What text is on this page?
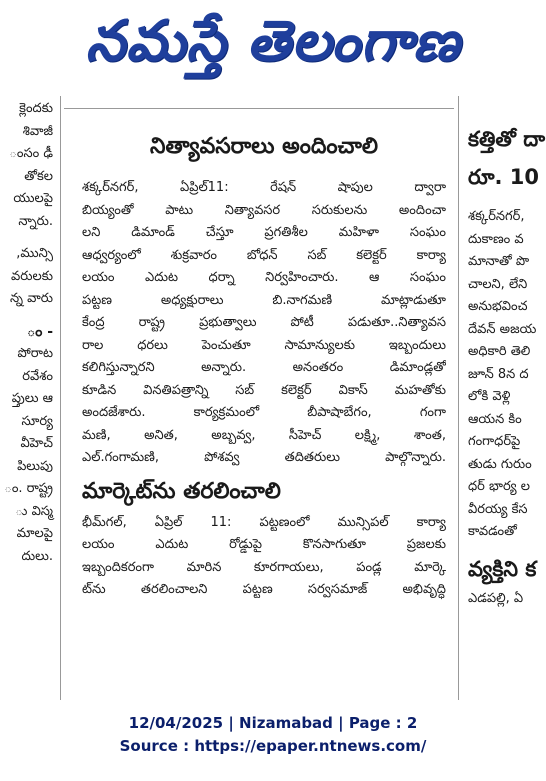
నమస్తే తెలంగాణ

క్లెందకు

శివాజీ

ంసం ఢీ

తోకల

యులపై

న్నారు.

,మున్సి

వరులకు

న్న వారు

ం -

పోరాట

రవేశం

ప్తులు ఆ

సూర్య

వీహెచ్

పిలుపు

ం. రాష్ట్ర

ు విస్మ

మాలపై

దులు.

నిత్యావసరాలు అందించాలి

శక్కర్‌నగర్, ఏప్రిల్11: రేషన్ షాపుల ద్వారా

బియ్యంతో పాటు నిత్యావసర సరుకులను అందించా

లని డిమాండ్ చేస్తూ ప్రగతిశీల మహిళా సంఘం

ఆధ్వర్యంలో శుక్రవారం బోధన్ సబ్ కలెక్టర్ కార్యా

లయం ఎదుట ధర్నా నిర్వహించారు. ఆ సంఘం

పట్టణ అధ్యక్షురాలు బి.నాగమణి మాట్లాడుతూ

కేంద్ర రాష్ట్ర ప్రభుత్వాలు పోటీ పడుతూ..నిత్యావస

రాల ధరలు పెంచుతూ సామాన్యులకు ఇబ్బందులు

కలిగిస్తున్నారని అన్నారు. అనంతరం డిమాండ్లతో

కూడిన వినతిపత్రాన్ని సబ్ కలెక్టర్ వికాస్ మహతోకు

అందజేశారు. కార్యక్రమంలో బీపాషాబేగం, గంగా

మణి, అనిత, అబ్బవ్వ, సీహెచ్ లక్ష్మి, శాంత,

ఎల్.గంగామణి, పోశవ్వ తదితరులు పాల్గొన్నారు.

మార్కెట్‌ను తరలించాలి

భీమ్‌గల్, ఏప్రిల్ 11: పట్టణంలో మున్సిపల్ కార్యా

లయం ఎదుట రోడ్డుపై కొనసాగుతూ ప్రజలకు

ఇబ్బందికరంగా మారిన కూరగాయలు, పండ్ల మార్కె

ట్‌ను తరలించాలని పట్టణ సర్వసమాజ్ అభివృద్ధి

కత్తితో దా

రూ. 10

శక్కర్‌నగర్,

దుకాణం వ

మానాతో పొ

చాలని, లేని

అనుభవించ

దేవన్ అజయ

అధికారి తెలి

జూన్ 8న ద

లోకి వెళ్లి

ఆయన కిం

గంగాధర్‌పై

తుడు గురుం

ధర్ భార్య ల

వీరయ్య కేస

కావడంతో

వ్యక్తిని క

ఎడపల్లి, ఏ

12/04/2025 | Nizamabad | Page : 2
Source : https://epaper.ntnews.com/
